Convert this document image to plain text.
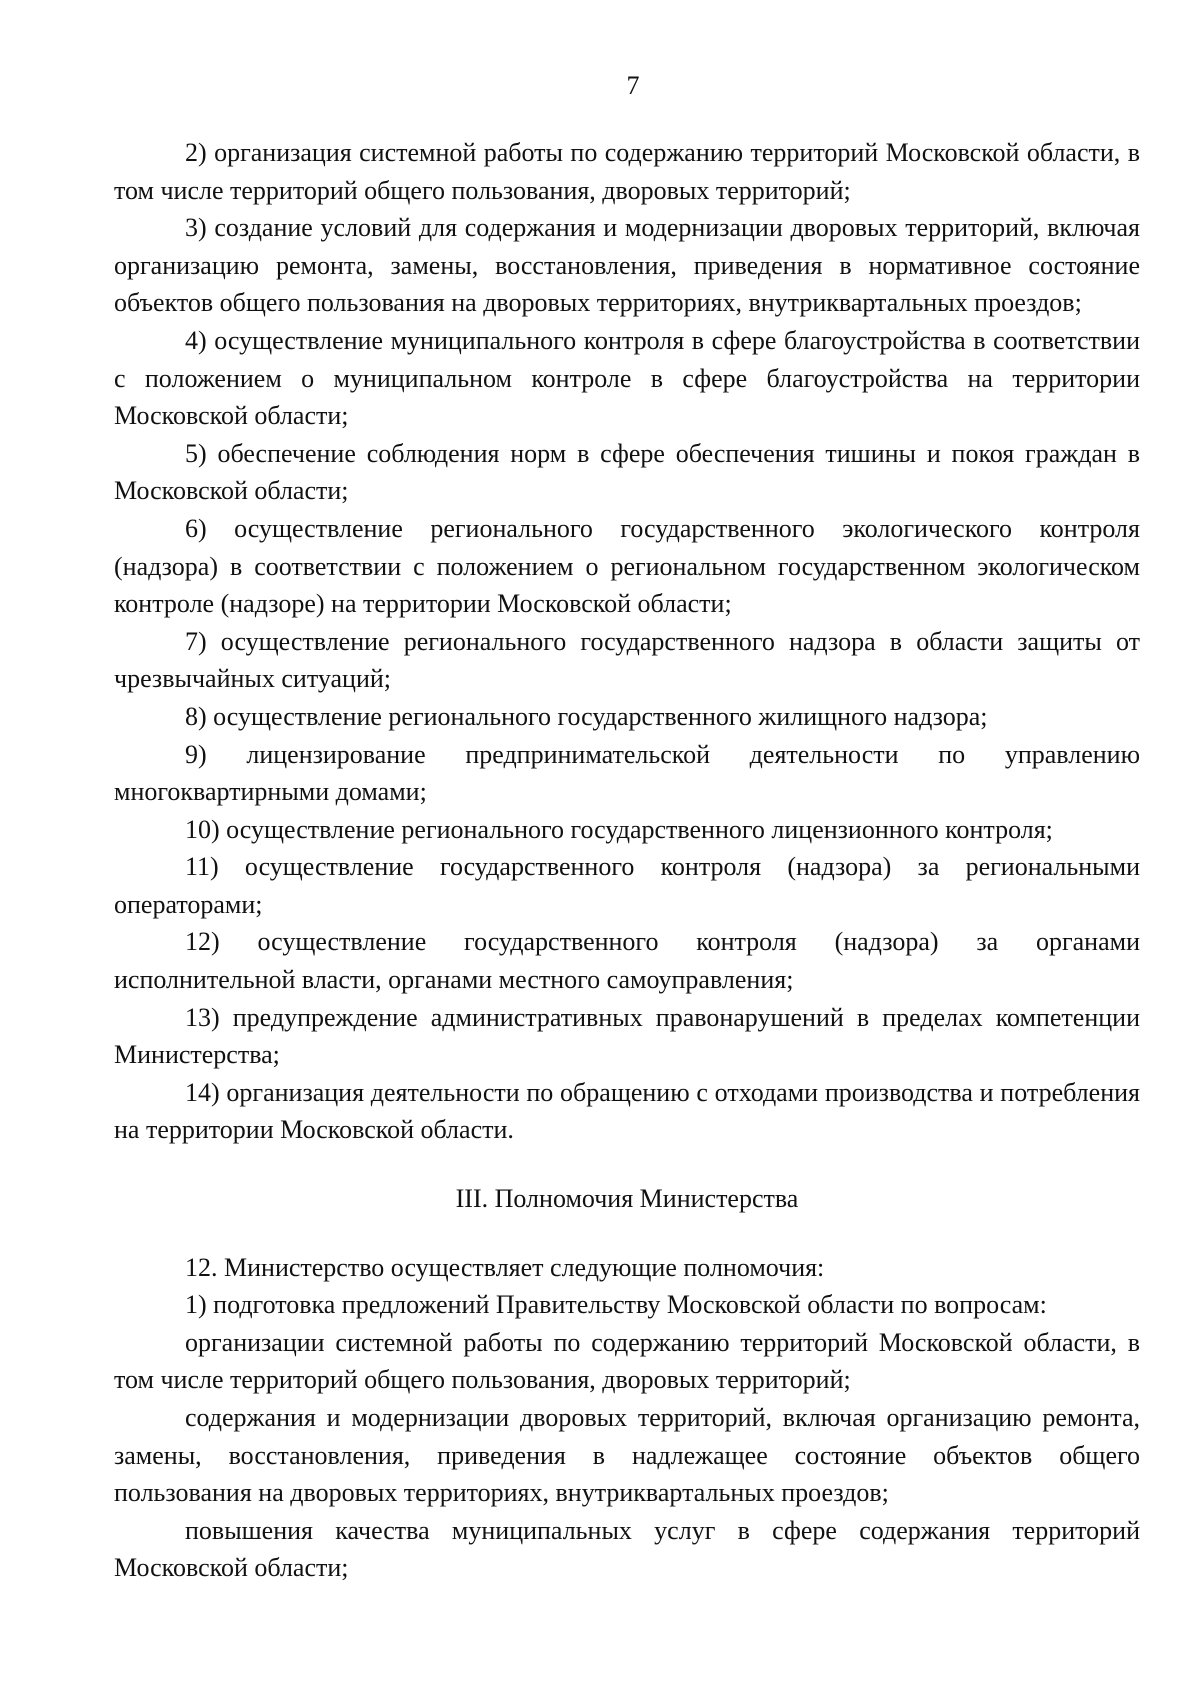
7

2) организация системной работы по содержанию территорий Московской области, в том числе территорий общего пользования, дворовых территорий;

3) создание условий для содержания и модернизации дворовых территорий, включая организацию ремонта, замены, восстановления, приведения в нормативное состояние объектов общего пользования на дворовых территориях, внутриквартальных проездов;

4) осуществление муниципального контроля в сфере благоустройства в соответствии с положением о муниципальном контроле в сфере благоустройства на территории Московской области;

5) обеспечение соблюдения норм в сфере обеспечения тишины и покоя граждан в Московской области;

6) осуществление регионального государственного экологического контроля (надзора) в соответствии с положением о региональном государственном экологическом контроле (надзоре) на территории Московской области;

7) осуществление регионального государственного надзора в области защиты от чрезвычайных ситуаций;

8) осуществление регионального государственного жилищного надзора;

9) лицензирование предпринимательской деятельности по управлению многоквартирными домами;

10) осуществление регионального государственного лицензионного контроля;

11) осуществление государственного контроля (надзора) за региональными операторами;

12) осуществление государственного контроля (надзора) за органами исполнительной власти, органами местного самоуправления;

13) предупреждение административных правонарушений в пределах компетенции Министерства;

14) организация деятельности по обращению с отходами производства и потребления на территории Московской области.

III. Полномочия Министерства

12. Министерство осуществляет следующие полномочия:

1) подготовка предложений Правительству Московской области по вопросам:

организации системной работы по содержанию территорий Московской области, в том числе территорий общего пользования, дворовых территорий;

содержания и модернизации дворовых территорий, включая организацию ремонта, замены, восстановления, приведения в надлежащее состояние объектов общего пользования на дворовых территориях, внутриквартальных проездов;

повышения качества муниципальных услуг в сфере содержания территорий Московской области;
